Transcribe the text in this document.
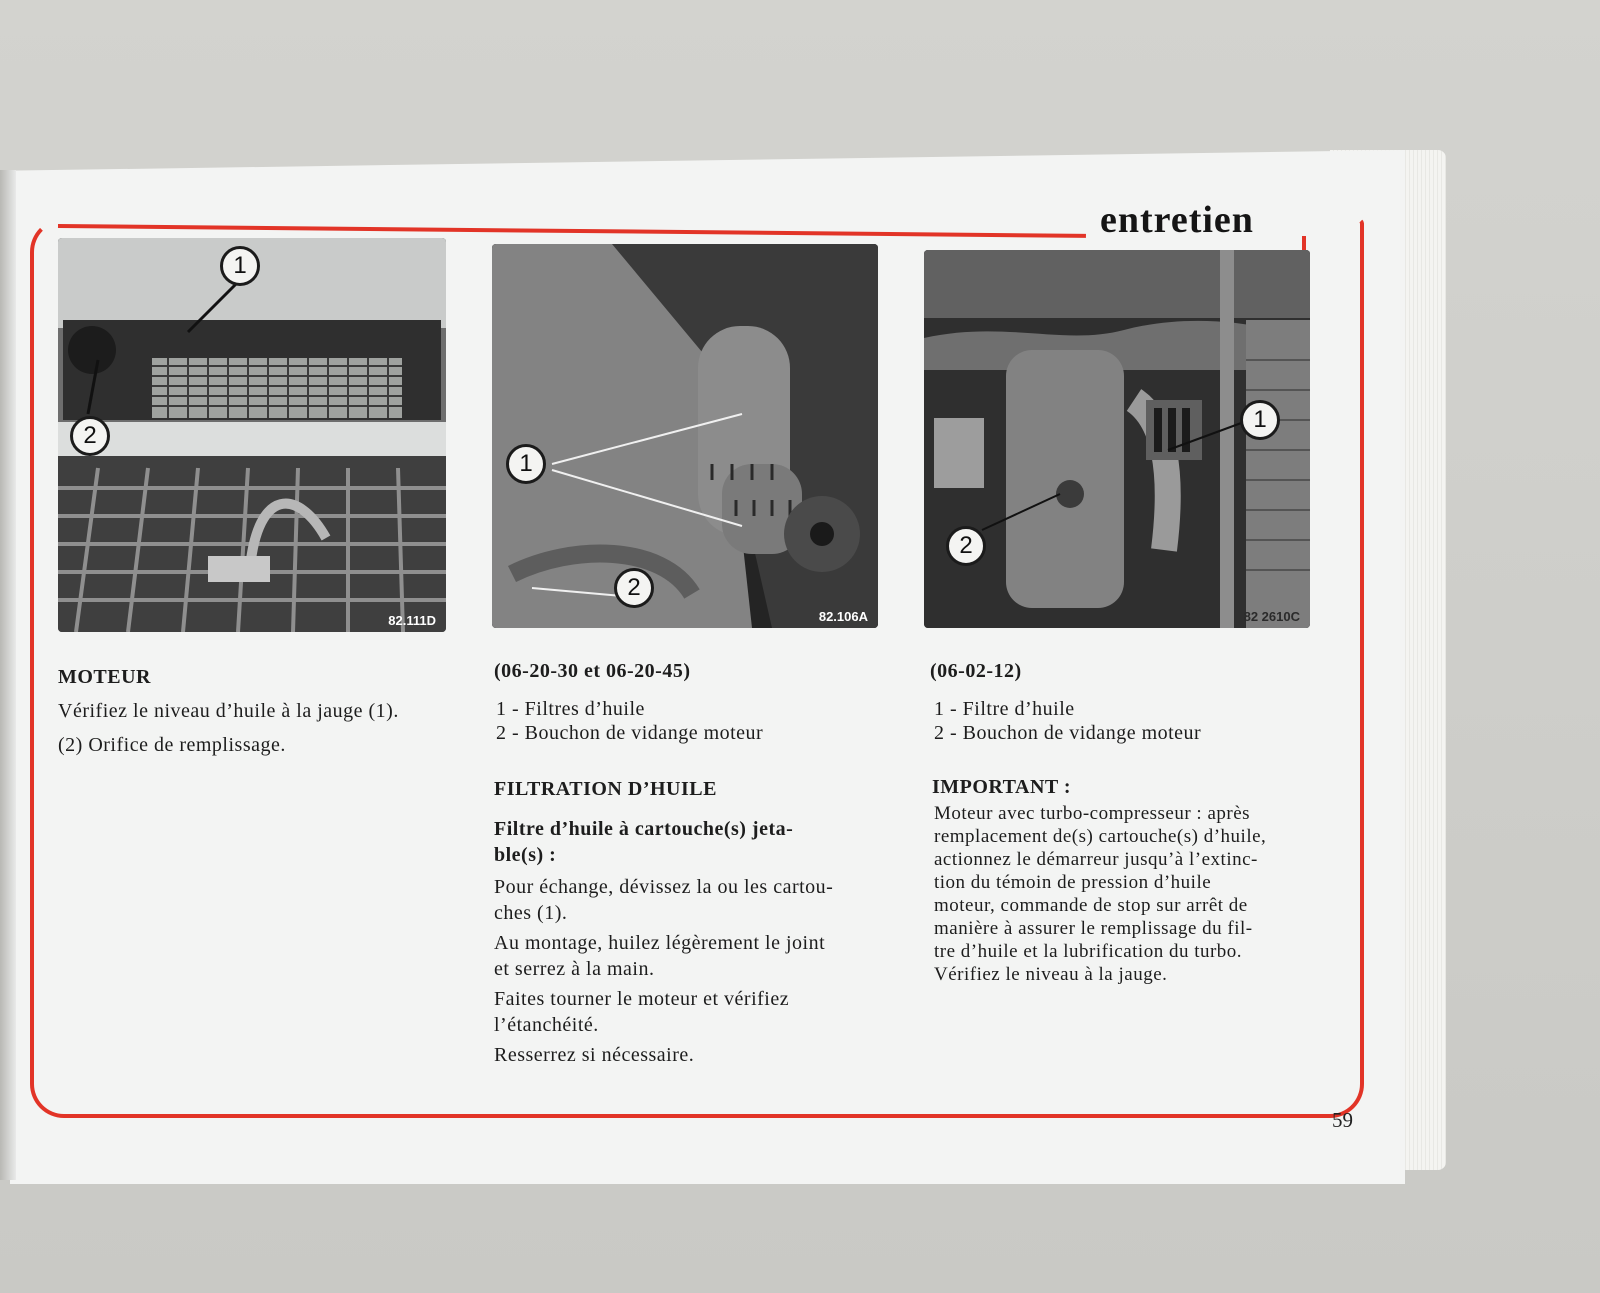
entretien
1
2
82.111D
1
2
82.106A
1
2
82 2610C
MOTEUR
Vérifiez le niveau d’huile à la jauge (1).
(2) Orifice de remplissage.
(06-20-30 et 06-20-45)
1 - Filtres d’huile
2 - Bouchon de vidange moteur
FILTRATION D’HUILE
Filtre d’huile à cartouche(s) jeta-
ble(s) :
Pour échange, dévissez la ou les cartou-
ches (1).
Au montage, huilez légèrement le joint
et serrez à la main.
Faites tourner le moteur et vérifiez
l’étanchéité.
Resserrez si nécessaire.
(06-02-12)
1 - Filtre d’huile
2 - Bouchon de vidange moteur
IMPORTANT :
Moteur avec turbo-compresseur : après
remplacement de(s) cartouche(s) d’huile,
actionnez le démarreur jusqu’à l’extinc-
tion du témoin de pression d’huile
moteur, commande de stop sur arrêt de
manière à assurer le remplissage du fil-
tre d’huile et la lubrification du turbo.
Vérifiez le niveau à la jauge.
59
